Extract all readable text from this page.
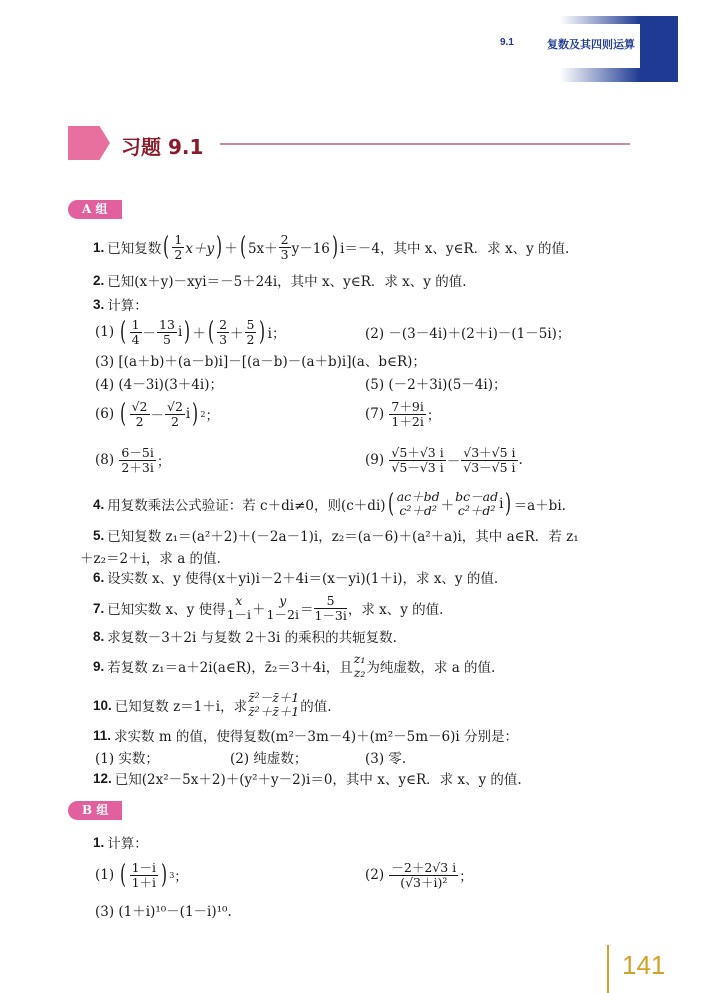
9.1	复数及其四则运算
习题 9.1
A 组
1. 已知复数 ( 1
2 x＋y ) ＋ ( 5x＋
2
3 y－16 ) i＝－4，其中 x、y∈R．求 x、y 的值.
2. 已知(x＋y)－xyi＝－5＋24i，其中 x、y∈R．求 x、y 的值.
3. 计算：
(1)
( 1
4 －
13
5 i ) ＋ ( 2
3 ＋
5
2 ) i；	(2) －(3－4i)＋(2＋i)－(1－5i)；
(3) [(a＋b)＋(a－b)i]－[(a－b)－(a＋b)i](a、b∈R)；
(4) (4－3i)(3＋4i)；	(5) (－2＋3i)(5－4i)；
(6)
( √2
2 －
√2
2 i ) 2 ；	(7)
7＋9i
1＋2i ；
(8)
6－5i
2＋3i ；	(9)
√5＋√3 i
√5－√3 i －
√3＋√5 i
√3－√5 i .
4. 用复数乘法公式验证：若 c＋di≠0，则(c＋di) ( ac＋bd
c²＋d² ＋
bc－ad
c²＋d² i ) ＝a＋bi.
5. 已知复数 z₁＝(a²＋2)＋(－2a－1)i，z₂＝(a－6)＋(a²＋a)i，其中 a∈R．若 z₁
＋z₂＝2＋i，求 a 的值.
6. 设实数 x、y 使得(x＋yi)i－2＋4i＝(x－yi)(1＋i)，求 x、y 的值.
7. 已知实数 x、y 使得
x
1－i ＋
y
1－2i ＝
5
1－3i ，求 x、y 的值.
8. 求复数－3＋2i 与复数 2＋3i 的乘积的共轭复数.
9. 若复数 z₁＝a＋2i(a∈R)，z̄₂＝3＋4i，且
z₁
z₂ 为纯虚数，求 a 的值.
10. 已知复数 z＝1＋i，求
z̄²－z̄＋1
z̄²＋z̄＋1 的值.
11. 求实数 m 的值，使得复数(m²－3m－4)＋(m²－5m－6)i 分别是：
(1) 实数；	(2) 纯虚数；	(3) 零.
12. 已知(2x²－5x＋2)＋(y²＋y－2)i＝0，其中 x、y∈R．求 x、y 的值.
B 组
1. 计算：
(1)
( 1－i
1＋i ) 3 ；	(2)
－2＋2√3 i
(√3＋i)² ；
(3) (1＋i)¹⁰－(1－i)¹⁰.
141
